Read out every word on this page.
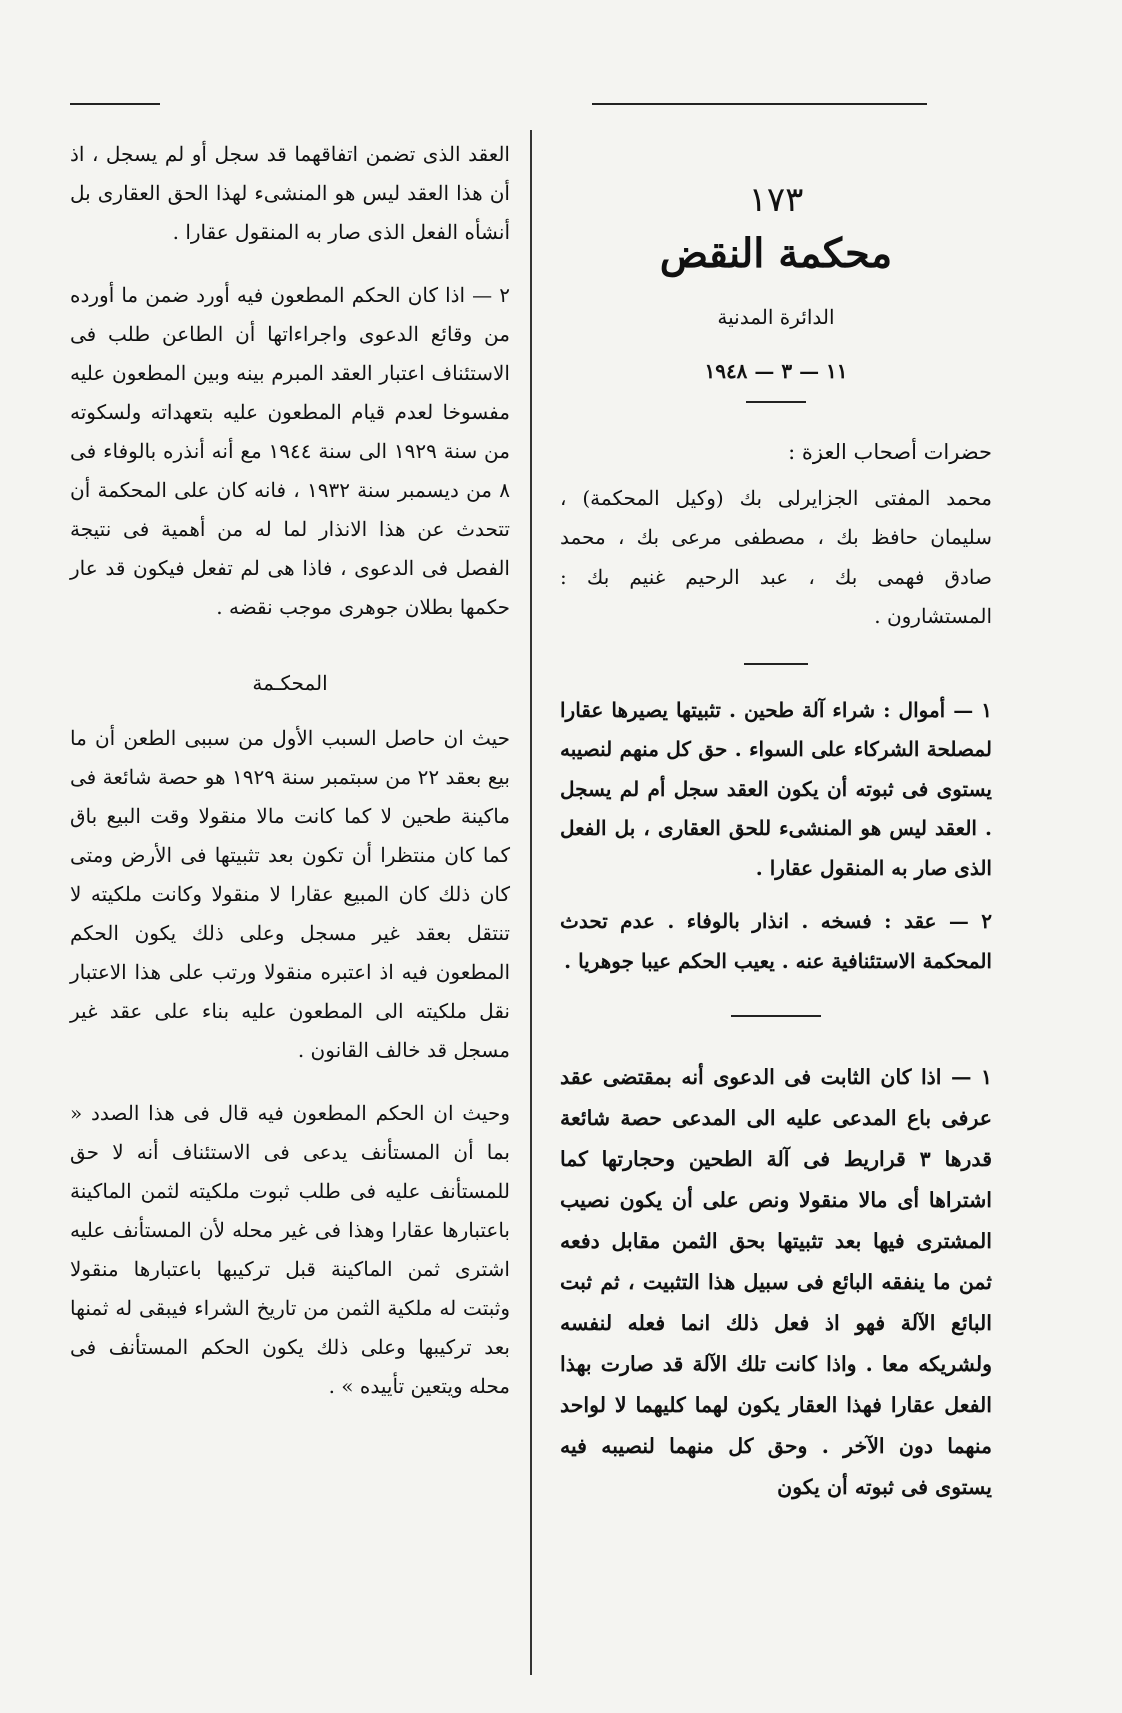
١٧٣
محكمة النقض
الدائرة المدنية
١١ — ٣ — ١٩٤٨

حضرات أصحاب العزة :

محمد المفتى الجزايرلى بك (وكيل المحكمة) ، سليمان حافظ بك ، مصطفى مرعى بك ، محمد صادق فهمى بك ، عبد الرحيم غنيم بك : المستشارون .

١ — أموال : شراء آلة طحين . تثبيتها يصيرها عقارا لمصلحة الشركاء على السواء . حق كل منهم لنصيبه يستوى فى ثبوته أن يكون العقد سجل أم لم يسجل . العقد ليس هو المنشىء للحق العقارى ، بل الفعل الذى صار به المنقول عقارا .

٢ — عقد : فسخه . انذار بالوفاء . عدم تحدث المحكمة الاستئنافية عنه . يعيب الحكم عيبا جوهريا .

١ — اذا كان الثابت فى الدعوى أنه بمقتضى عقد عرفى باع المدعى عليه الى المدعى حصة شائعة قدرها ٣ قراريط فى آلة الطحين وحجارتها كما اشتراها أى مالا منقولا ونص على أن يكون نصيب المشترى فيها بعد تثبيتها بحق الثمن مقابل دفعه ثمن ما ينفقه البائع فى سبيل هذا التثبيت ، ثم ثبت البائع الآلة فهو اذ فعل ذلك انما فعله لنفسه ولشريكه معا . واذا كانت تلك الآلة قد صارت بهذا الفعل عقارا فهذا العقار يكون لهما كليهما لا لواحد منهما دون الآخر . وحق كل منهما لنصيبه فيه يستوى فى ثبوته أن يكون

العقد الذى تضمن اتفاقهما قد سجل أو لم يسجل ، اذ أن هذا العقد ليس هو المنشىء لهذا الحق العقارى بل أنشأه الفعل الذى صار به المنقول عقارا .

٢ — اذا كان الحكم المطعون فيه أورد ضمن ما أورده من وقائع الدعوى واجراءاتها أن الطاعن طلب فى الاستئناف اعتبار العقد المبرم بينه وبين المطعون عليه مفسوخا لعدم قيام المطعون عليه بتعهداته ولسكوته من سنة ١٩٢٩ الى سنة ١٩٤٤ مع أنه أنذره بالوفاء فى ٨ من ديسمبر سنة ١٩٣٢ ، فانه كان على المحكمة أن تتحدث عن هذا الانذار لما له من أهمية فى نتيجة الفصل فى الدعوى ، فاذا هى لم تفعل فيكون قد عار حكمها بطلان جوهرى موجب نقضه .

المحكـمة

حيث ان حاصل السبب الأول من سببى الطعن أن ما بيع بعقد ٢٢ من سبتمبر سنة ١٩٢٩ هو حصة شائعة فى ماكينة طحين لا كما كانت مالا منقولا وقت البيع باق كما كان منتظرا أن تكون بعد تثبيتها فى الأرض ومتى كان ذلك كان المبيع عقارا لا منقولا وكانت ملكيته لا تنتقل بعقد غير مسجل وعلى ذلك يكون الحكم المطعون فيه اذ اعتبره منقولا ورتب على هذا الاعتبار نقل ملكيته الى المطعون عليه بناء على عقد غير مسجل قد خالف القانون .

وحيث ان الحكم المطعون فيه قال فى هذا الصدد « بما أن المستأنف يدعى فى الاستئناف أنه لا حق للمستأنف عليه فى طلب ثبوت ملكيته لثمن الماكينة باعتبارها عقارا وهذا فى غير محله لأن المستأنف عليه اشترى ثمن الماكينة قبل تركيبها باعتبارها منقولا وثبتت له ملكية الثمن من تاريخ الشراء فيبقى له ثمنها بعد تركيبها وعلى ذلك يكون الحكم المستأنف فى محله ويتعين تأييده » .
